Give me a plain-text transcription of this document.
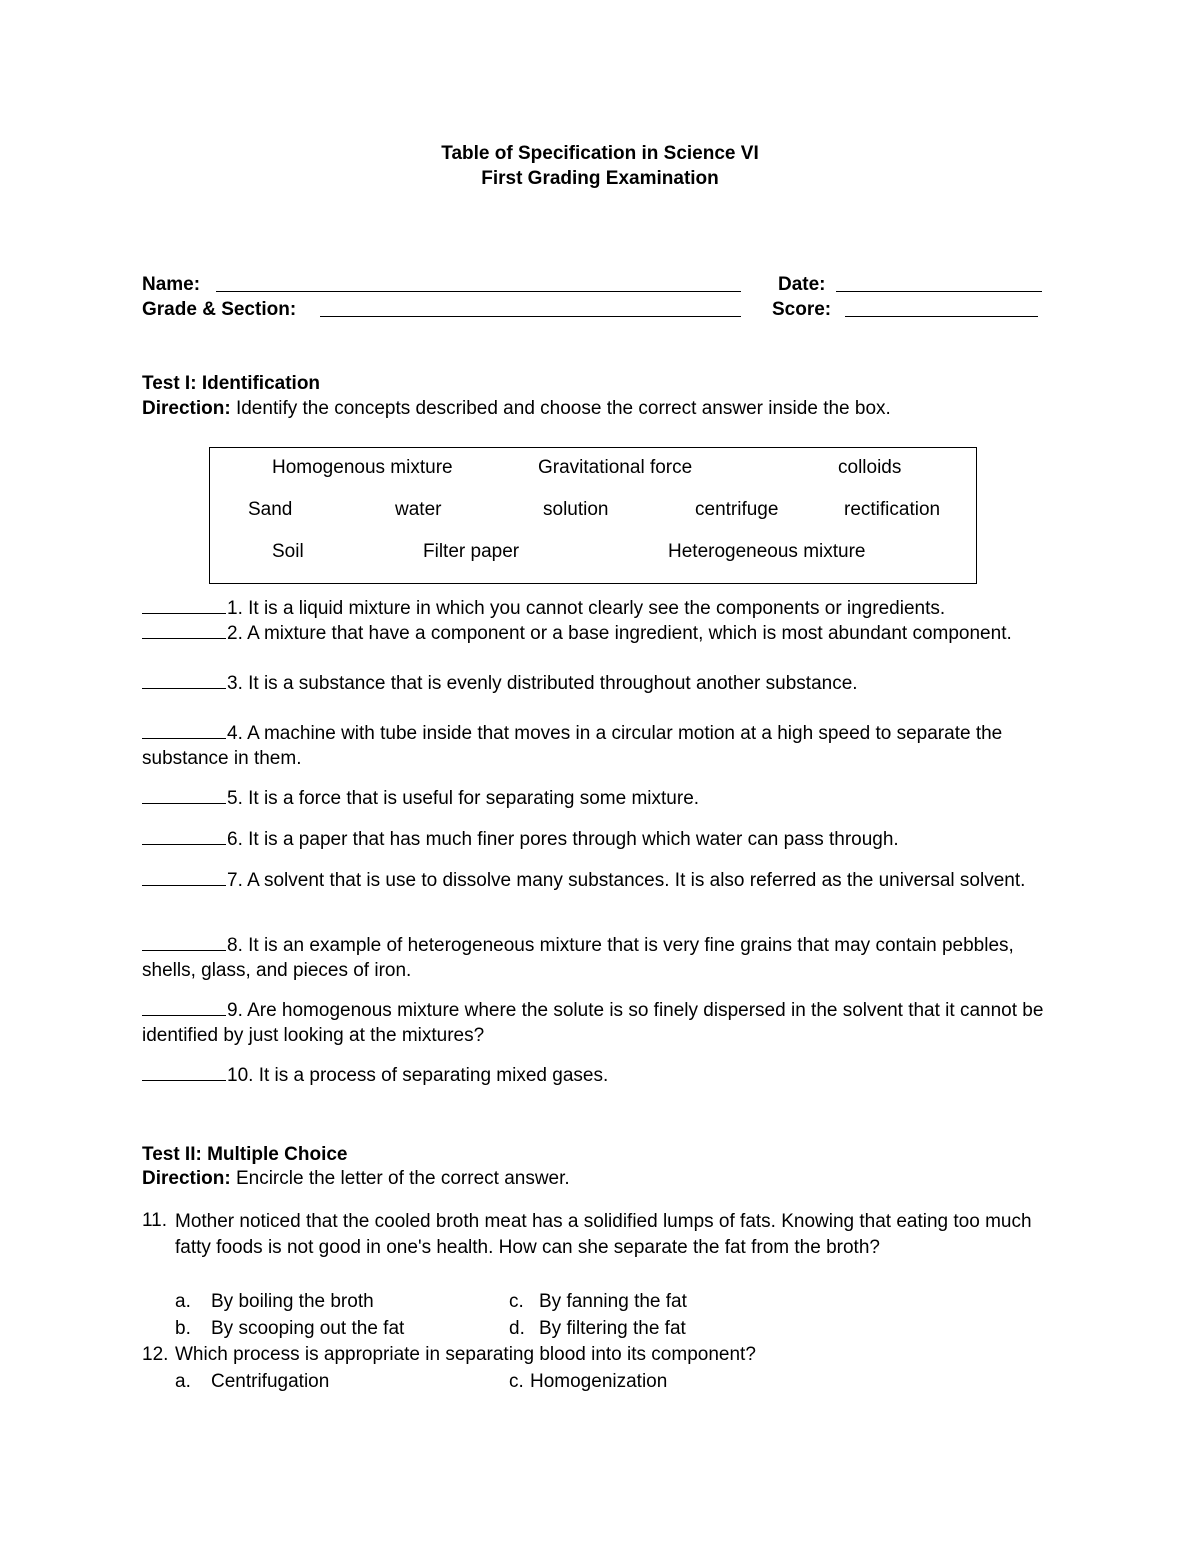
Table of Specification in Science VI
First Grading Examination
Name:	Date:
Grade & Section:	Score:
Test I: Identification
Direction: Identify the concepts described and choose the correct answer inside the box.
Homogenous mixture	Gravitational force	colloids
Sand	water	solution	centrifuge	rectification
Soil	Filter paper	Heterogeneous mixture
1. It is a liquid mixture in which you cannot clearly see the components or ingredients.
2. A mixture that have a component or a base ingredient, which is most abundant component.
3. It is a substance that is evenly distributed throughout another substance.
4. A machine with tube inside that moves in a circular motion at a high speed to separate the substance in them.
5. It is a force that is useful for separating some mixture.
6. It is a paper that has much finer pores through which water can pass through.
7. A solvent that is use to dissolve many substances. It is also referred as the universal solvent.
8. It is an example of heterogeneous mixture that is very fine grains that may contain pebbles, shells, glass, and pieces of iron.
9. Are homogenous mixture where the solute is so finely dispersed in the solvent that it cannot be identified by just looking at the mixtures?
10. It is a process of separating mixed gases.
Test II: Multiple Choice
Direction: Encircle the letter of the correct answer.
11. Mother noticed that the cooled broth meat has a solidified lumps of fats. Knowing that eating too much fatty foods is not good in one's health. How can she separate the fat from the broth?
a. By boiling the broth	c. By fanning the fat
b. By scooping out the fat	d. By filtering the fat
12. Which process is appropriate in separating blood into its component?
a. Centrifugation	c. Homogenization
